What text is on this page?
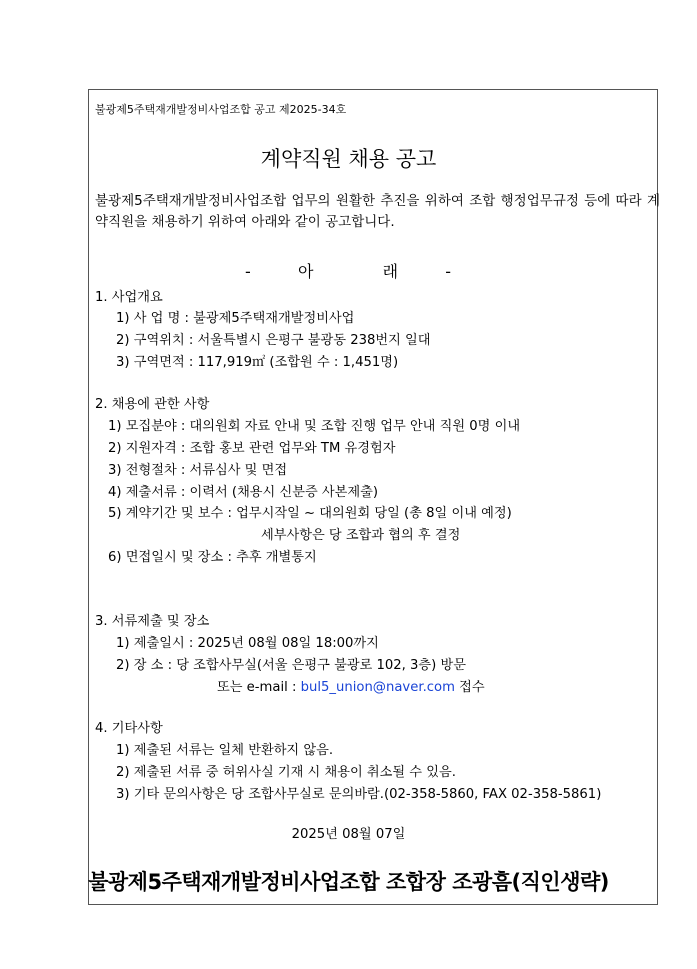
불광제5주택재개발정비사업조합 공고 제2025-34호
계약직원 채용 공고
불광제5주택재개발정비사업조합 업무의 원활한 추진을 위하여 조합 행정업무규정 등에 따라 계약직원을 채용하기 위하여 아래와 같이 공고합니다.
-	아	래	-
1. 사업개요
1) 사 업 명 : 불광제5주택재개발정비사업
2) 구역위치 : 서울특별시 은평구 불광동 238번지 일대
3) 구역면적 : 117,919㎡ (조합원 수 : 1,451명)
2. 채용에 관한 사항
1) 모집분야 : 대의원회 자료 안내 및 조합 진행 업무 안내 직원 0명 이내
2) 지원자격 : 조합 홍보 관련 업무와 TM 유경험자
3) 전형절차 : 서류심사 및 면접
4) 제출서류 : 이력서 (채용시 신분증 사본제출)
5) 계약기간 및 보수 : 업무시작일 ~ 대의원회 당일 (총 8일 이내 예정)
세부사항은 당 조합과 협의 후 결정
6) 면접일시 및 장소 : 추후 개별통지
3. 서류제출 및 장소
1) 제출일시 : 2025년 08월 08일 18:00까지
2) 장 소 : 당 조합사무실(서울 은평구 불광로 102, 3층) 방문
또는 e-mail : bul5_union@naver.com 접수
4. 기타사항
1) 제출된 서류는 일체 반환하지 않음.
2) 제출된 서류 중 허위사실 기재 시 채용이 취소될 수 있음.
3) 기타 문의사항은 당 조합사무실로 문의바람.(02-358-5860, FAX 02-358-5861)
2025년 08월 07일
불광제5주택재개발정비사업조합 조합장 조광흠(직인생략)
